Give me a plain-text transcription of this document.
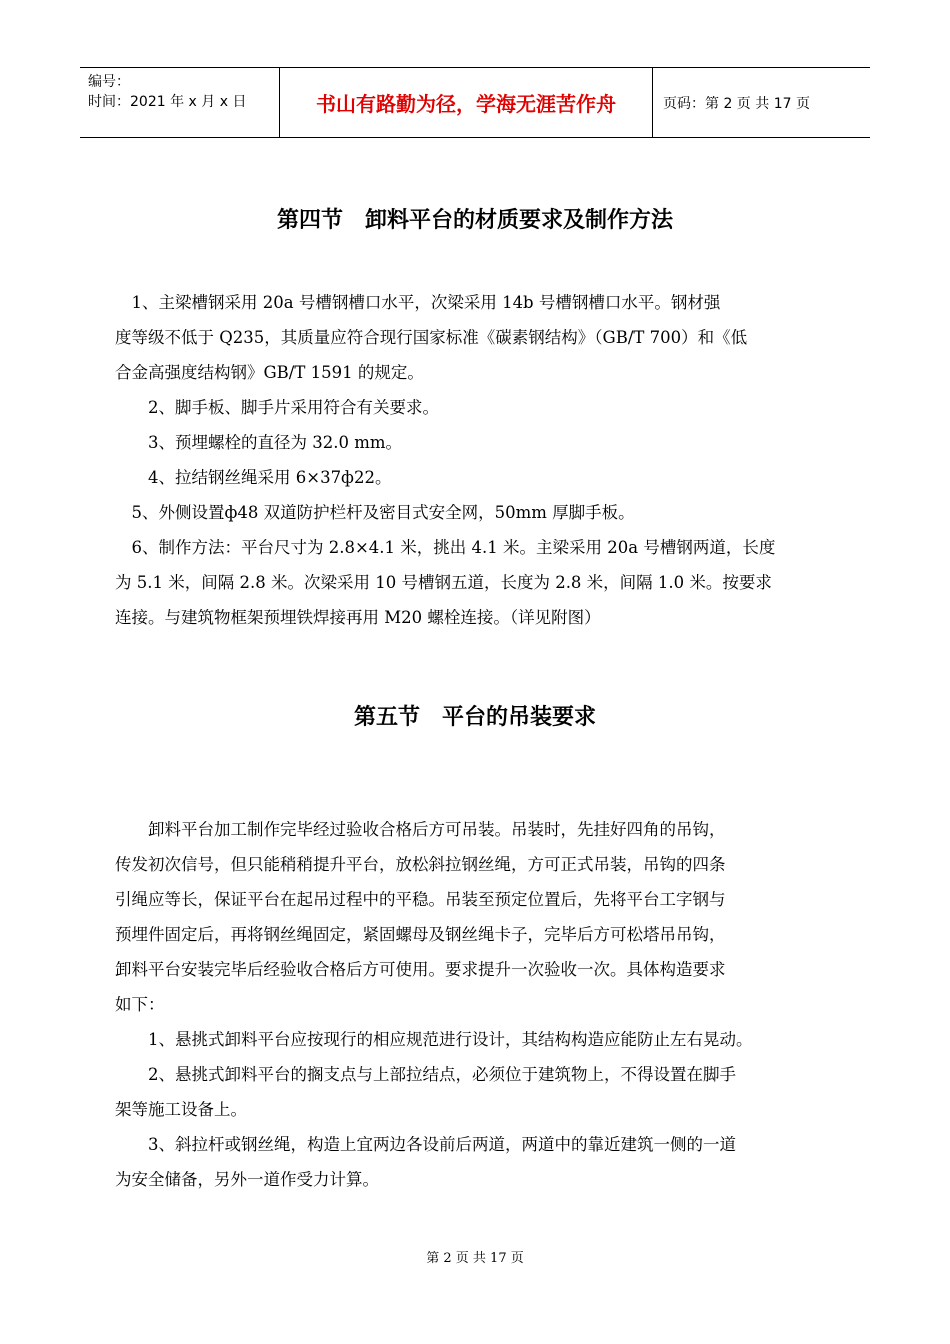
编号：
时间：2021 年 x 月 x 日	书山有路勤为径，学海无涯苦作舟	页码：第 2 页 共 17 页
第四节　卸料平台的材质要求及制作方法

　1、主梁槽钢采用 20a 号槽钢槽口水平，次梁采用 14b 号槽钢槽口水平。钢材强

度等级不低于 Q235，其质量应符合现行国家标准《碳素钢结构》（GB/T 700）和《低

合金高强度结构钢》GB/T 1591 的规定。

　　2、脚手板、脚手片采用符合有关要求。

　　3、预埋螺栓的直径为 32.0 mm。

　　4、拉结钢丝绳采用 6×37ф22。

　5、外侧设置ф48 双道防护栏杆及密目式安全网，50mm 厚脚手板。

　6、制作方法：平台尺寸为 2.8×4.1 米，挑出 4.1 米。主梁采用 20a 号槽钢两道，长度

为 5.1 米，间隔 2.8 米。次梁采用 10 号槽钢五道，长度为 2.8 米，间隔 1.0 米。按要求

连接。与建筑物框架预埋铁焊接再用 M20 螺栓连接。（详见附图）

第五节　平台的吊装要求

　　卸料平台加工制作完毕经过验收合格后方可吊装。吊装时，先挂好四角的吊钩，

传发初次信号，但只能稍稍提升平台，放松斜拉钢丝绳，方可正式吊装，吊钩的四条

引绳应等长，保证平台在起吊过程中的平稳。吊装至预定位置后，先将平台工字钢与

预埋件固定后，再将钢丝绳固定，紧固螺母及钢丝绳卡子，完毕后方可松塔吊吊钩，

卸料平台安装完毕后经验收合格后方可使用。要求提升一次验收一次。具体构造要求

如下：

　　1、悬挑式卸料平台应按现行的相应规范进行设计，其结构构造应能防止左右晃动。

　　2、悬挑式卸料平台的搁支点与上部拉结点，必须位于建筑物上，不得设置在脚手

架等施工设备上。

　　3、斜拉杆或钢丝绳，构造上宜两边各设前后两道，两道中的靠近建筑一侧的一道

为安全储备，另外一道作受力计算。

第 2 页 共 17 页
